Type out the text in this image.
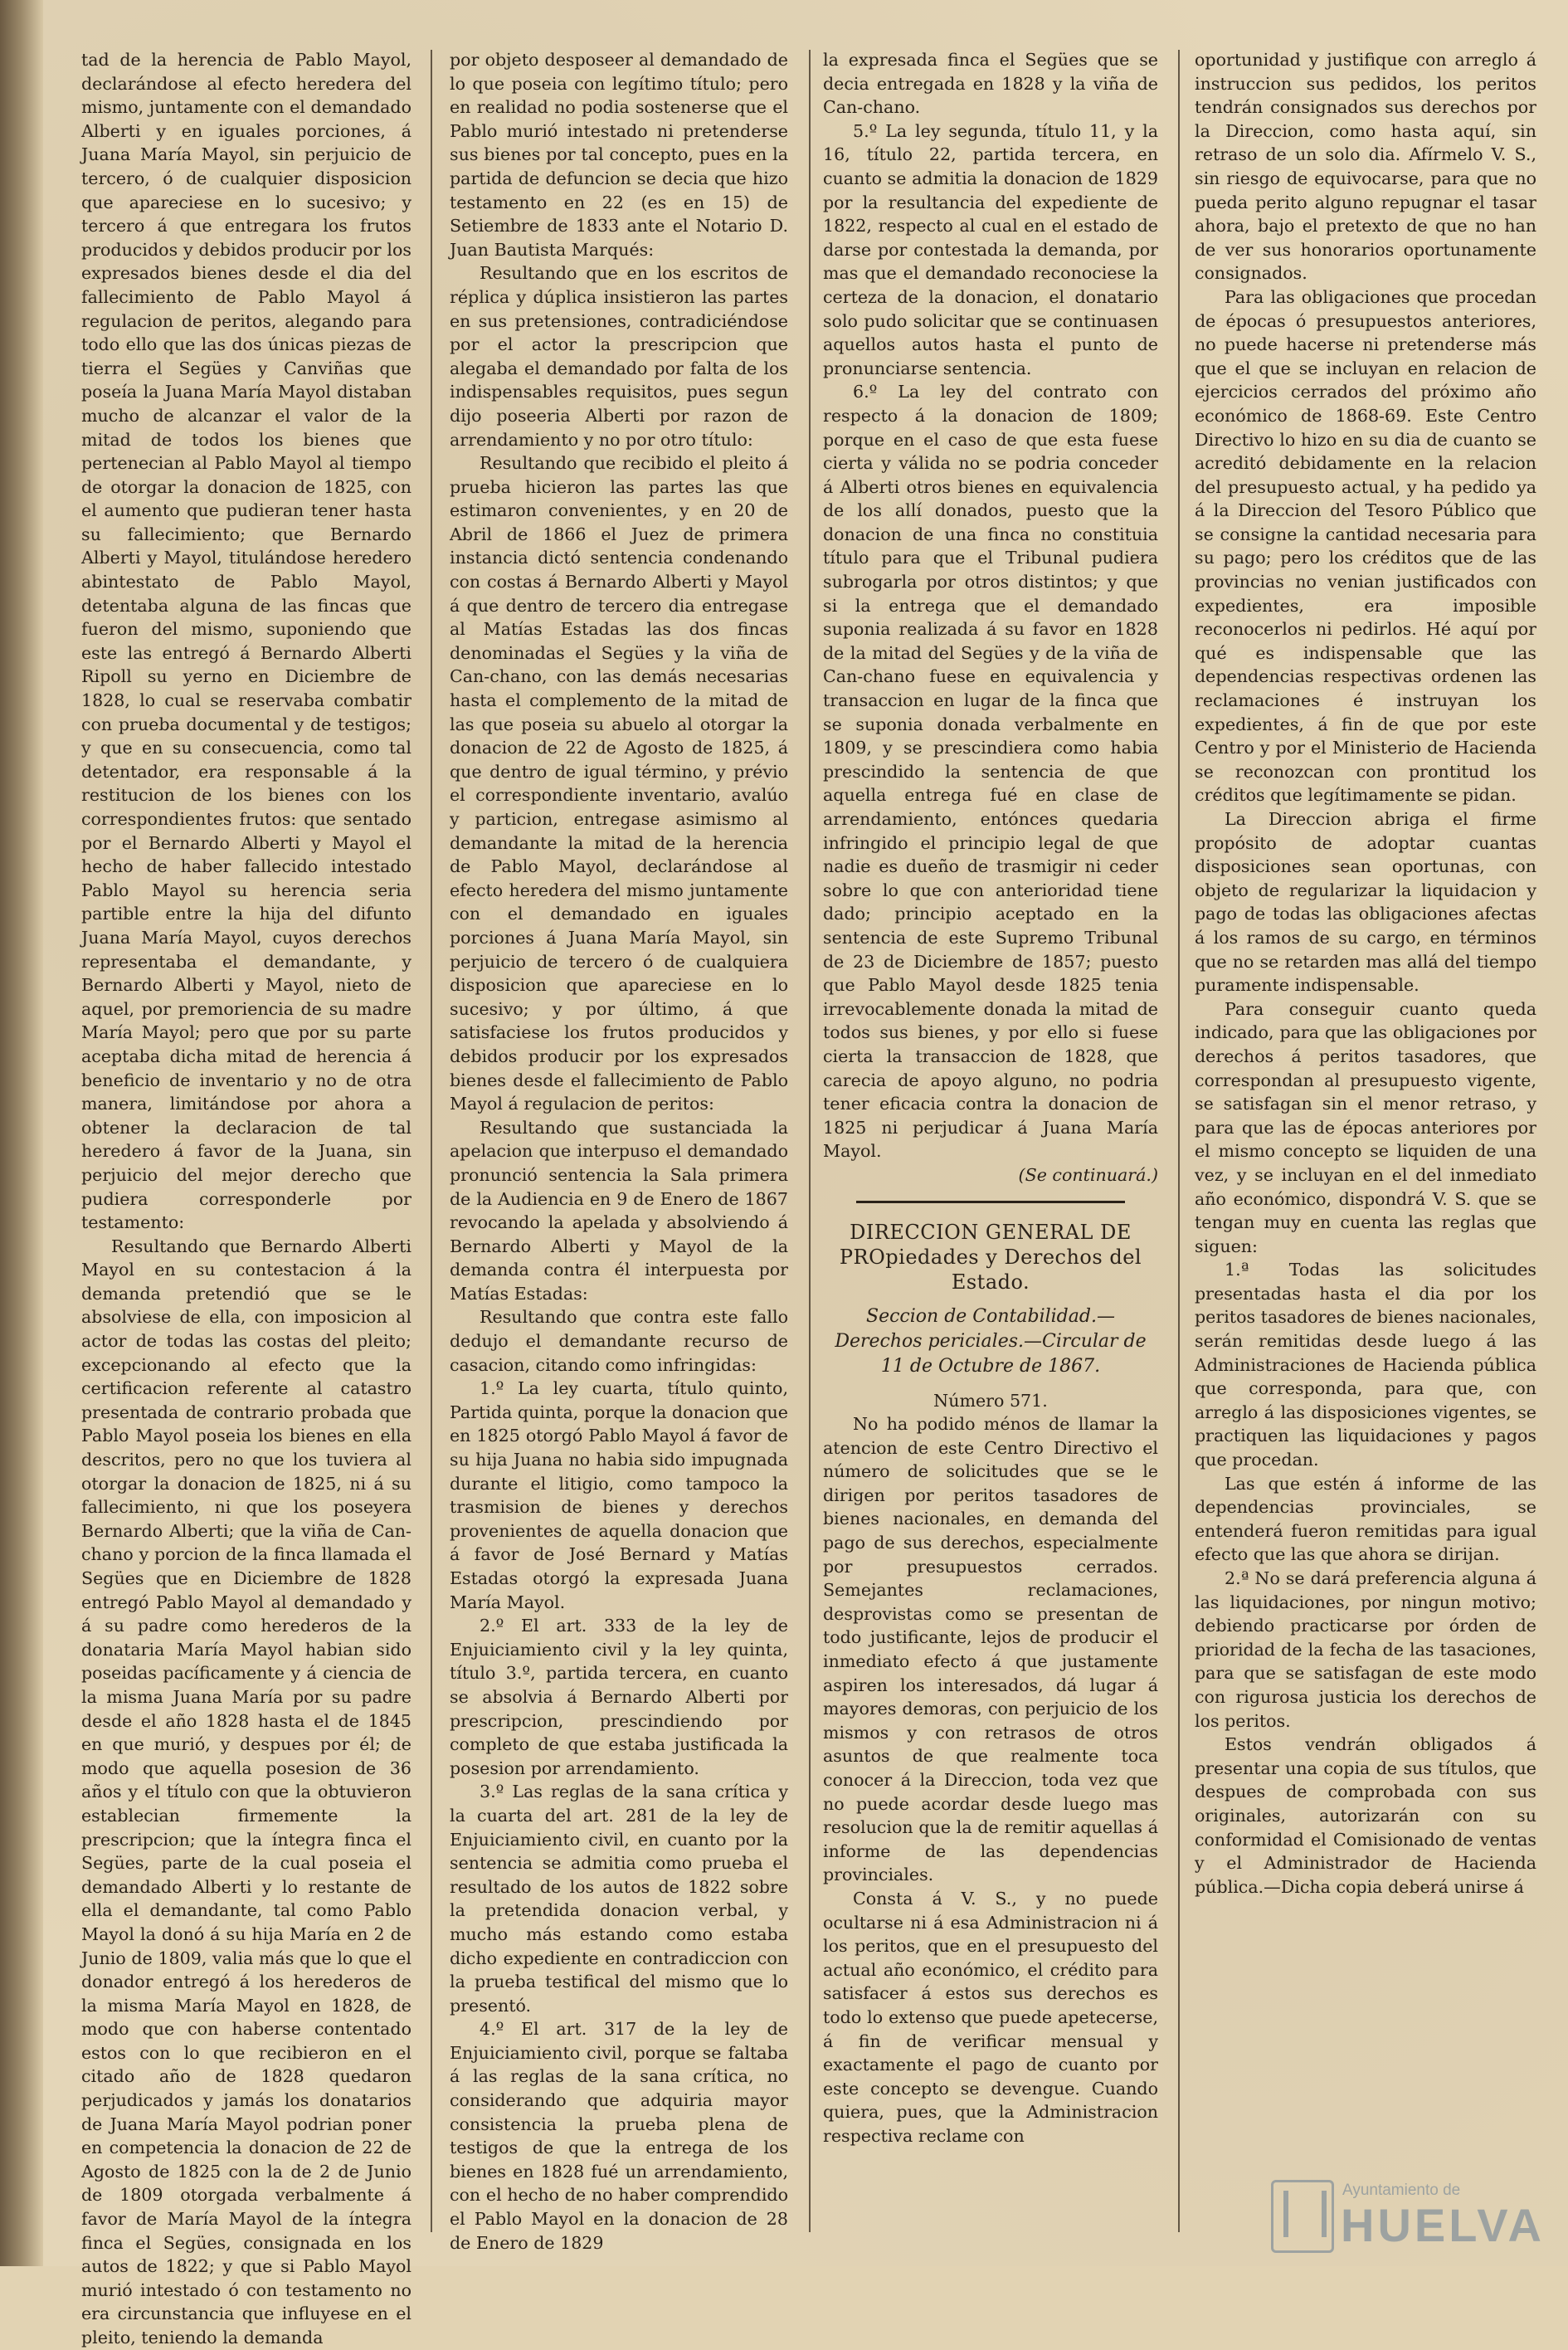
tad de la herencia de Pablo Mayol, declarándose al efecto heredera del mismo, juntamente con el demandado Alberti y en iguales porciones, á Juana María Mayol, sin perjuicio de tercero, ó de cualquier disposicion que apareciese en lo sucesivo; y tercero á que entregara los frutos producidos y debidos producir por los expresados bienes desde el dia del fallecimiento de Pablo Mayol á regulacion de peritos, alegando para todo ello que las dos únicas piezas de tierra el Segües y Canviñas que poseía la Juana María Mayol distaban mucho de alcanzar el valor de la mitad de todos los bienes que pertenecian al Pablo Mayol al tiempo de otorgar la donacion de 1825, con el aumento que pudieran tener hasta su fallecimiento; que Bernardo Alberti y Mayol, titulándose heredero abintestato de Pablo Mayol, detentaba alguna de las fincas que fueron del mismo, suponiendo que este las entregó á Bernardo Alberti Ripoll su yerno en Diciembre de 1828, lo cual se reservaba combatir con prueba documental y de testigos; y que en su consecuencia, como tal detentador, era responsable á la restitucion de los bienes con los correspondientes frutos: que sentado por el Bernardo Alberti y Mayol el hecho de haber fallecido intestado Pablo Mayol su herencia seria partible entre la hija del difunto Juana María Mayol, cuyos derechos representaba el demandante, y Bernardo Alberti y Mayol, nieto de aquel, por premoriencia de su madre María Mayol; pero que por su parte aceptaba dicha mitad de herencia á beneficio de inventario y no de otra manera, limitándose por ahora a obtener la declaracion de tal heredero á favor de la Juana, sin perjuicio del mejor derecho que pudiera corresponderle por testamento:

Resultando que Bernardo Alberti Mayol en su contestacion á la demanda pretendió que se le absolviese de ella, con imposicion al actor de todas las costas del pleito; excepcionando al efecto que la certificacion referente al catastro presentada de contrario probada que Pablo Mayol poseia los bienes en ella descritos, pero no que los tuviera al otorgar la donacion de 1825, ni á su fallecimiento, ni que los poseyera Bernardo Alberti; que la viña de Can-chano y porcion de la finca llamada el Segües que en Diciembre de 1828 entregó Pablo Mayol al demandado y á su padre como herederos de la donataria María Mayol habian sido poseidas pacíficamente y á ciencia de la misma Juana María por su padre desde el año 1828 hasta el de 1845 en que murió, y despues por él; de modo que aquella posesion de 36 años y el título con que la obtuvieron establecian firmemente la prescripcion; que la íntegra finca el Segües, parte de la cual poseia el demandado Alberti y lo restante de ella el demandante, tal como Pablo Mayol la donó á su hija María en 2 de Junio de 1809, valia más que lo que el donador entregó á los herederos de la misma María Mayol en 1828, de modo que con haberse contentado estos con lo que recibieron en el citado año de 1828 quedaron perjudicados y jamás los donatarios de Juana María Mayol podrian poner en competencia la donacion de 22 de Agosto de 1825 con la de 2 de Junio de 1809 otorgada verbalmente á favor de María Mayol de la íntegra finca el Segües, consignada en los autos de 1822; y que si Pablo Mayol murió intestado ó con testamento no era circunstancia que influyese en el pleito, teniendo la demanda

por objeto desposeer al demandado de lo que poseia con legítimo título; pero en realidad no podia sostenerse que el Pablo murió intestado ni pretenderse sus bienes por tal concepto, pues en la partida de defuncion se decia que hizo testamento en 22 (es en 15) de Setiembre de 1833 ante el Notario D. Juan Bautista Marqués:

Resultando que en los escritos de réplica y dúplica insistieron las partes en sus pretensiones, contradiciéndose por el actor la prescripcion que alegaba el demandado por falta de los indispensables requisitos, pues segun dijo poseeria Alberti por razon de arrendamiento y no por otro título:

Resultando que recibido el pleito á prueba hicieron las partes las que estimaron convenientes, y en 20 de Abril de 1866 el Juez de primera instancia dictó sentencia condenando con costas á Bernardo Alberti y Mayol á que dentro de tercero dia entregase al Matías Estadas las dos fincas denominadas el Segües y la viña de Can-chano, con las demás necesarias hasta el complemento de la mitad de las que poseia su abuelo al otorgar la donacion de 22 de Agosto de 1825, á que dentro de igual término, y prévio el correspondiente inventario, avalúo y particion, entregase asimismo al demandante la mitad de la herencia de Pablo Mayol, declarándose al efecto heredera del mismo juntamente con el demandado en iguales porciones á Juana María Mayol, sin perjuicio de tercero ó de cualquiera disposicion que apareciese en lo sucesivo; y por último, á que satisfaciese los frutos producidos y debidos producir por los expresados bienes desde el fallecimiento de Pablo Mayol á regulacion de peritos:

Resultando que sustanciada la apelacion que interpuso el demandado pronunció sentencia la Sala primera de la Audiencia en 9 de Enero de 1867 revocando la apelada y absolviendo á Bernardo Alberti y Mayol de la demanda contra él interpuesta por Matías Estadas:

Resultando que contra este fallo dedujo el demandante recurso de casacion, citando como infringidas:

1.º La ley cuarta, título quinto, Partida quinta, porque la donacion que en 1825 otorgó Pablo Mayol á favor de su hija Juana no habia sido impugnada durante el litigio, como tampoco la trasmision de bienes y derechos provenientes de aquella donacion que á favor de José Bernard y Matías Estadas otorgó la expresada Juana María Mayol.

2.º El art. 333 de la ley de Enjuiciamiento civil y la ley quinta, título 3.º, partida tercera, en cuanto se absolvia á Bernardo Alberti por prescripcion, prescindiendo por completo de que estaba justificada la posesion por arrendamiento.

3.º Las reglas de la sana crítica y la cuarta del art. 281 de la ley de Enjuiciamiento civil, en cuanto por la sentencia se admitia como prueba el resultado de los autos de 1822 sobre la pretendida donacion verbal, y mucho más estando como estaba dicho expediente en contradiccion con la prueba testifical del mismo que lo presentó.

4.º El art. 317 de la ley de Enjuiciamiento civil, porque se faltaba á las reglas de la sana crítica, no considerando que adquiria mayor consistencia la prueba plena de testigos de que la entrega de los bienes en 1828 fué un arrendamiento, con el hecho de no haber comprendido el Pablo Mayol en la donacion de 28 de Enero de 1829

la expresada finca el Segües que se decia entregada en 1828 y la viña de Can-chano.

5.º La ley segunda, título 11, y la 16, título 22, partida tercera, en cuanto se admitia la donacion de 1829 por la resultancia del expediente de 1822, respecto al cual en el estado de darse por contestada la demanda, por mas que el demandado reconociese la certeza de la donacion, el donatario solo pudo solicitar que se continuasen aquellos autos hasta el punto de pronunciarse sentencia.

6.º La ley del contrato con respecto á la donacion de 1809; porque en el caso de que esta fuese cierta y válida no se podria conceder á Alberti otros bienes en equivalencia de los allí donados, puesto que la donacion de una finca no constituia título para que el Tribunal pudiera subrogarla por otros distintos; y que si la entrega que el demandado suponia realizada á su favor en 1828 de la mitad del Segües y de la viña de Can-chano fuese en equivalencia y transaccion en lugar de la finca que se suponia donada verbalmente en 1809, y se prescindiera como habia prescindido la sentencia de que aquella entrega fué en clase de arrendamiento, entónces quedaria infringido el principio legal de que nadie es dueño de trasmigir ni ceder sobre lo que con anterioridad tiene dado; principio aceptado en la sentencia de este Supremo Tribunal de 23 de Diciembre de 1857; puesto que Pablo Mayol desde 1825 tenia irrevocablemente donada la mitad de todos sus bienes, y por ello si fuese cierta la transaccion de 1828, que carecia de apoyo alguno, no podria tener eficacia contra la donacion de 1825 ni perjudicar á Juana María Mayol.

(Se continuará.)

DIRECCION GENERAL DE PROpiedades y Derechos del Estado.

Seccion de Contabilidad.—Derechos periciales.—Circular de 11 de Octubre de 1867.

Número 571.

No ha podido ménos de llamar la atencion de este Centro Directivo el número de solicitudes que se le dirigen por peritos tasadores de bienes nacionales, en demanda del pago de sus derechos, especialmente por presupuestos cerrados. Semejantes reclamaciones, desprovistas como se presentan de todo justificante, lejos de producir el inmediato efecto á que justamente aspiren los interesados, dá lugar á mayores demoras, con perjuicio de los mismos y con retrasos de otros asuntos de que realmente toca conocer á la Direccion, toda vez que no puede acordar desde luego mas resolucion que la de remitir aquellas á informe de las dependencias provinciales.

Consta á V. S., y no puede ocultarse ni á esa Administracion ni á los peritos, que en el presupuesto del actual año económico, el crédito para satisfacer á estos sus derechos es todo lo extenso que puede apetecerse, á fin de verificar mensual y exactamente el pago de cuanto por este concepto se devengue. Cuando quiera, pues, que la Administracion respectiva reclame con

oportunidad y justifique con arreglo á instruccion sus pedidos, los peritos tendrán consignados sus derechos por la Direccion, como hasta aquí, sin retraso de un solo dia. Afírmelo V. S., sin riesgo de equivocarse, para que no pueda perito alguno repugnar el tasar ahora, bajo el pretexto de que no han de ver sus honorarios oportunamente consignados.

Para las obligaciones que procedan de épocas ó presupuestos anteriores, no puede hacerse ni pretenderse más que el que se incluyan en relacion de ejercicios cerrados del próximo año económico de 1868-69. Este Centro Directivo lo hizo en su dia de cuanto se acreditó debidamente en la relacion del presupuesto actual, y ha pedido ya á la Direccion del Tesoro Público que se consigne la cantidad necesaria para su pago; pero los créditos que de las provincias no venian justificados con expedientes, era imposible reconocerlos ni pedirlos. Hé aquí por qué es indispensable que las dependencias respectivas ordenen las reclamaciones é instruyan los expedientes, á fin de que por este Centro y por el Ministerio de Hacienda se reconozcan con prontitud los créditos que legítimamente se pidan.

La Direccion abriga el firme propósito de adoptar cuantas disposiciones sean oportunas, con objeto de regularizar la liquidacion y pago de todas las obligaciones afectas á los ramos de su cargo, en términos que no se retarden mas allá del tiempo puramente indispensable.

Para conseguir cuanto queda indicado, para que las obligaciones por derechos á peritos tasadores, que correspondan al presupuesto vigente, se satisfagan sin el menor retraso, y para que las de épocas anteriores por el mismo concepto se liquiden de una vez, y se incluyan en el del inmediato año económico, dispondrá V. S. que se tengan muy en cuenta las reglas que siguen:

1.ª Todas las solicitudes presentadas hasta el dia por los peritos tasadores de bienes nacionales, serán remitidas desde luego á las Administraciones de Hacienda pública que corresponda, para que, con arreglo á las disposiciones vigentes, se practiquen las liquidaciones y pagos que procedan.

Las que estén á informe de las dependencias provinciales, se entenderá fueron remitidas para igual efecto que las que ahora se dirijan.

2.ª No se dará preferencia alguna á las liquidaciones, por ningun motivo; debiendo practicarse por órden de prioridad de la fecha de las tasaciones, para que se satisfagan de este modo con rigurosa justicia los derechos de los peritos.

Estos vendrán obligados á presentar una copia de sus títulos, que despues de comprobada con sus originales, autorizarán con su conformidad el Comisionado de ventas y el Administrador de Hacienda pública.—Dicha copia deberá unirse á

Ayuntamiento de
HUELVA
